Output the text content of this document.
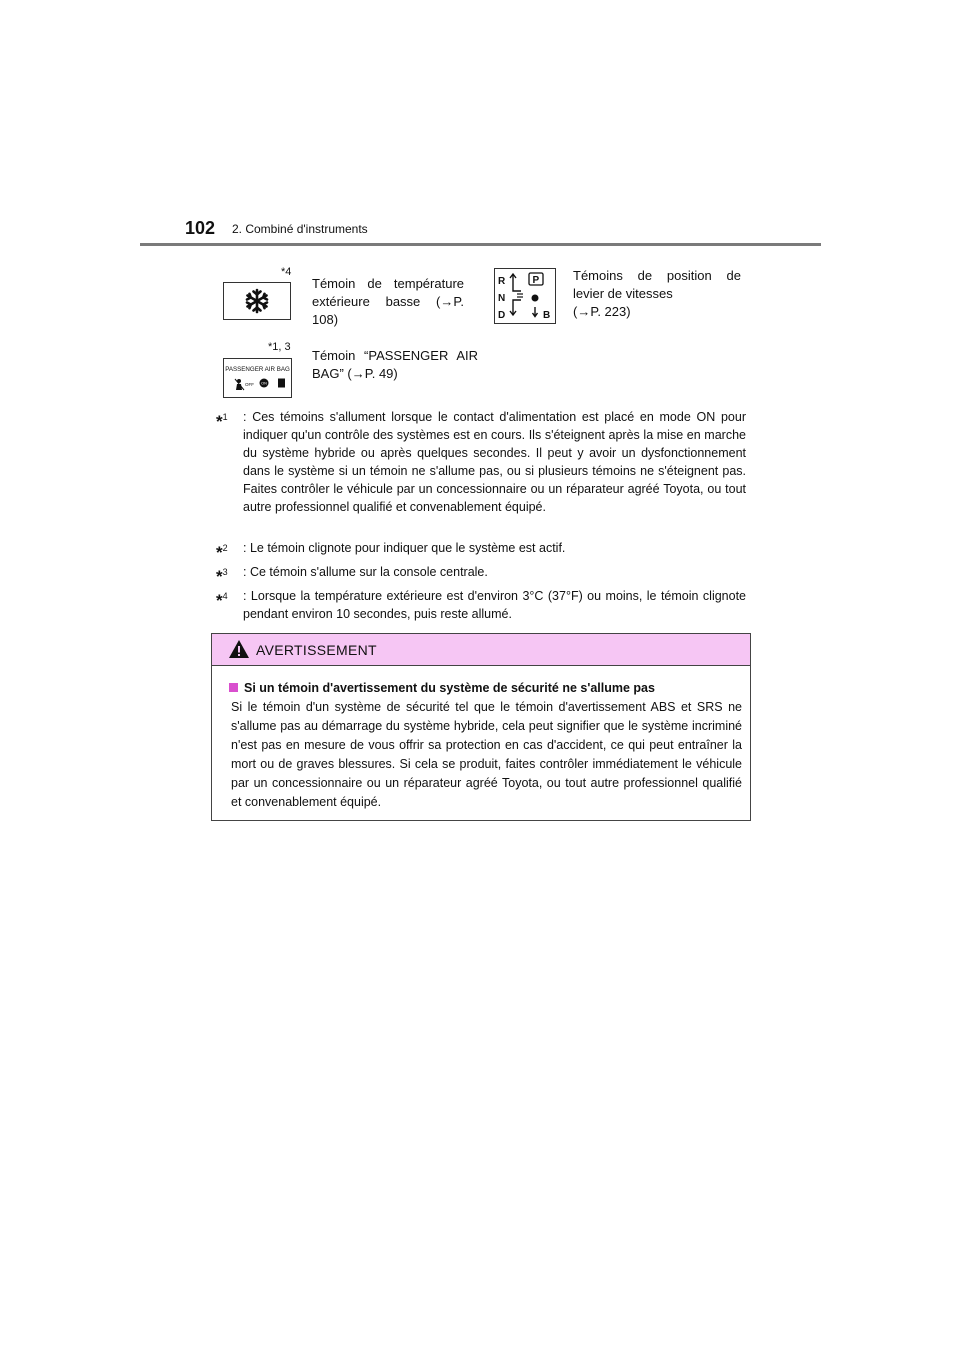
102 2. Combiné d'instruments
*4
Témoin de température extérieure basse (→P. 108)
R
N
D
P
B
Témoins de position de
levier de vitesses
(→P. 223)
*1, 3
PASSENGER AIR BAG
OFF ON
Témoin “PASSENGER AIR BAG” (→P. 49)
*$^1$	: Ces témoins s'allument lorsque le contact d'alimentation est placé en mode ON pour indiquer qu'un contrôle des systèmes est en cours. Ils s'éteignent après la mise en marche du système hybride ou après quelques secondes. Il peut y avoir un dysfonctionnement dans le système si un témoin ne s'allume pas, ou si plusieurs témoins ne s'éteignent pas. Faites contrôler le véhicule par un concessionnaire ou un réparateur agréé Toyota, ou tout autre professionnel qualifié et convenablement équipé.
*$^2$	: Le témoin clignote pour indiquer que le système est actif.
*$^3$	: Ce témoin s'allume sur la console centrale.
*$^4$	: Lorsque la température extérieure est d'environ 3°C (37°F) ou moins, le témoin clignote pendant environ 10 secondes, puis reste allumé.
AVERTISSEMENT
Si un témoin d'avertissement du système de sécurité ne s'allume pas
Si le témoin d'un système de sécurité tel que le témoin d'avertissement ABS et SRS ne s'allume pas au démarrage du système hybride, cela peut signifier que le système incriminé n'est pas en mesure de vous offrir sa protection en cas d'accident, ce qui peut entraîner la mort ou de graves blessures. Si cela se produit, faites contrôler immédiatement le véhicule par un concessionnaire ou un réparateur agréé Toyota, ou tout autre professionnel qualifié et convenablement équipé.
